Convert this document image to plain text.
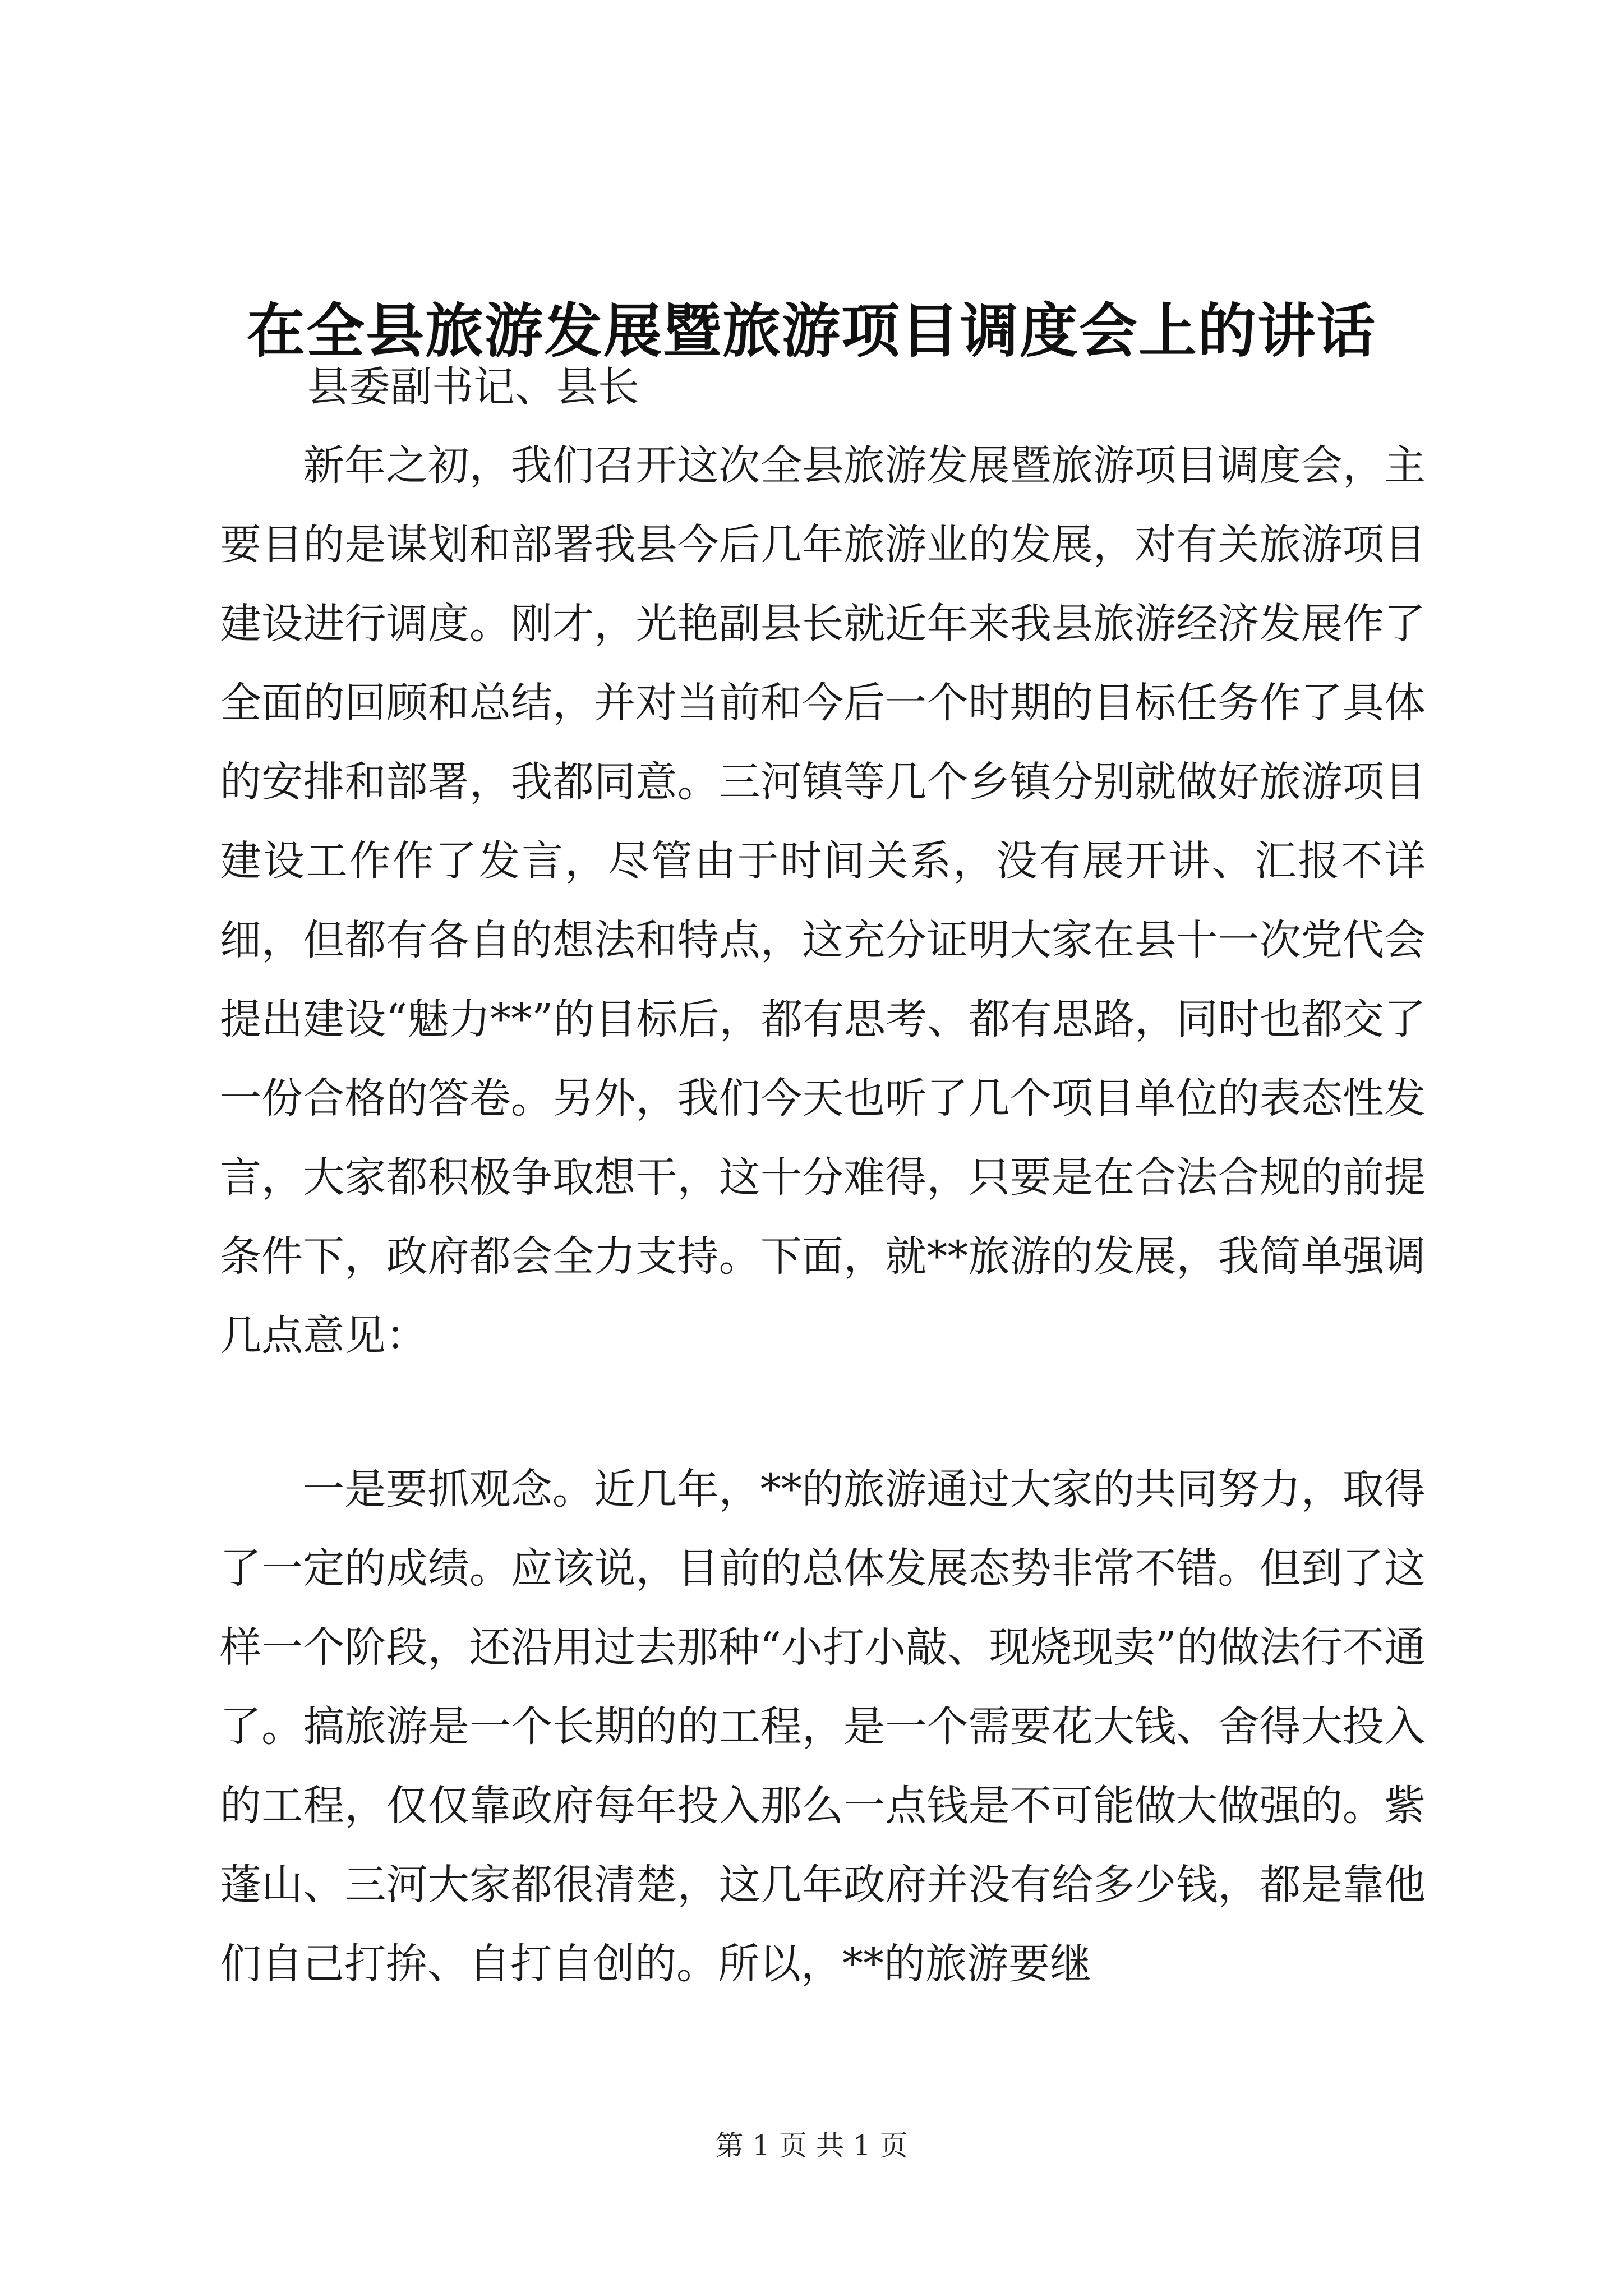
在全县旅游发展暨旅游项目调度会上的讲话

县委副书记、县长

新年之初，我们召开这次全县旅游发展暨旅游项目调度会，主要目的是谋划和部署我县今后几年旅游业的发展，对有关旅游项目建设进行调度。刚才，光艳副县长就近年来我县旅游经济发展作了全面的回顾和总结，并对当前和今后一个时期的目标任务作了具体的安排和部署，我都同意。三河镇等几个乡镇分别就做好旅游项目建设工作作了发言，尽管由于时间关系，没有展开讲、汇报不详细，但都有各自的想法和特点，这充分证明大家在县十一次党代会提出建设“魅力**”的目标后，都有思考、都有思路，同时也都交了一份合格的答卷。另外，我们今天也听了几个项目单位的表态性发言，大家都积极争取想干，这十分难得，只要是在合法合规的前提条件下，政府都会全力支持。下面，就**旅游的发展，我简单强调几点意见：

一是要抓观念。近几年，**的旅游通过大家的共同努力，取得了一定的成绩。应该说，目前的总体发展态势非常不错。但到了这样一个阶段，还沿用过去那种“小打小敲、现烧现卖”的做法行不通了。搞旅游是一个长期的的工程，是一个需要花大钱、舍得大投入的工程，仅仅靠政府每年投入那么一点钱是不可能做大做强的。紫蓬山、三河大家都很清楚，这几年政府并没有给多少钱，都是靠他们自己打拚、自打自创的。所以，**的旅游要继

第 1 页 共 1 页
